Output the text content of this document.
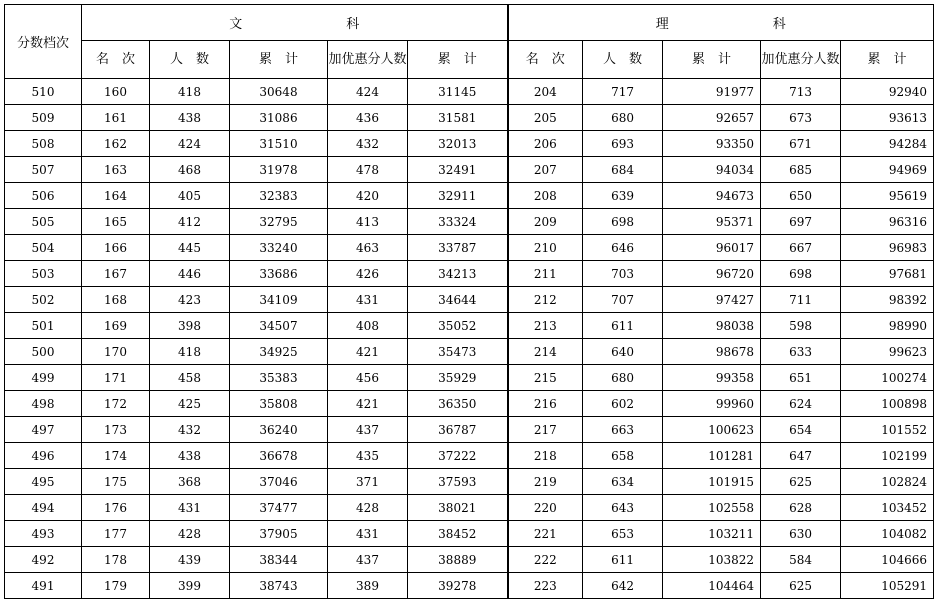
分数档次	文　　　　　　　　科					理　　　　　　　　科				
	名　次	人　数	累　计	加优惠分人数	累　计	名　次	人　数	累　计	加优惠分人数	累　计
510	160	418	30648	424	31145	204	717	91977	713	92940
509	161	438	31086	436	31581	205	680	92657	673	93613
508	162	424	31510	432	32013	206	693	93350	671	94284
507	163	468	31978	478	32491	207	684	94034	685	94969
506	164	405	32383	420	32911	208	639	94673	650	95619
505	165	412	32795	413	33324	209	698	95371	697	96316
504	166	445	33240	463	33787	210	646	96017	667	96983
503	167	446	33686	426	34213	211	703	96720	698	97681
502	168	423	34109	431	34644	212	707	97427	711	98392
501	169	398	34507	408	35052	213	611	98038	598	98990
500	170	418	34925	421	35473	214	640	98678	633	99623
499	171	458	35383	456	35929	215	680	99358	651	100274
498	172	425	35808	421	36350	216	602	99960	624	100898
497	173	432	36240	437	36787	217	663	100623	654	101552
496	174	438	36678	435	37222	218	658	101281	647	102199
495	175	368	37046	371	37593	219	634	101915	625	102824
494	176	431	37477	428	38021	220	643	102558	628	103452
493	177	428	37905	431	38452	221	653	103211	630	104082
492	178	439	38344	437	38889	222	611	103822	584	104666
491	179	399	38743	389	39278	223	642	104464	625	105291
